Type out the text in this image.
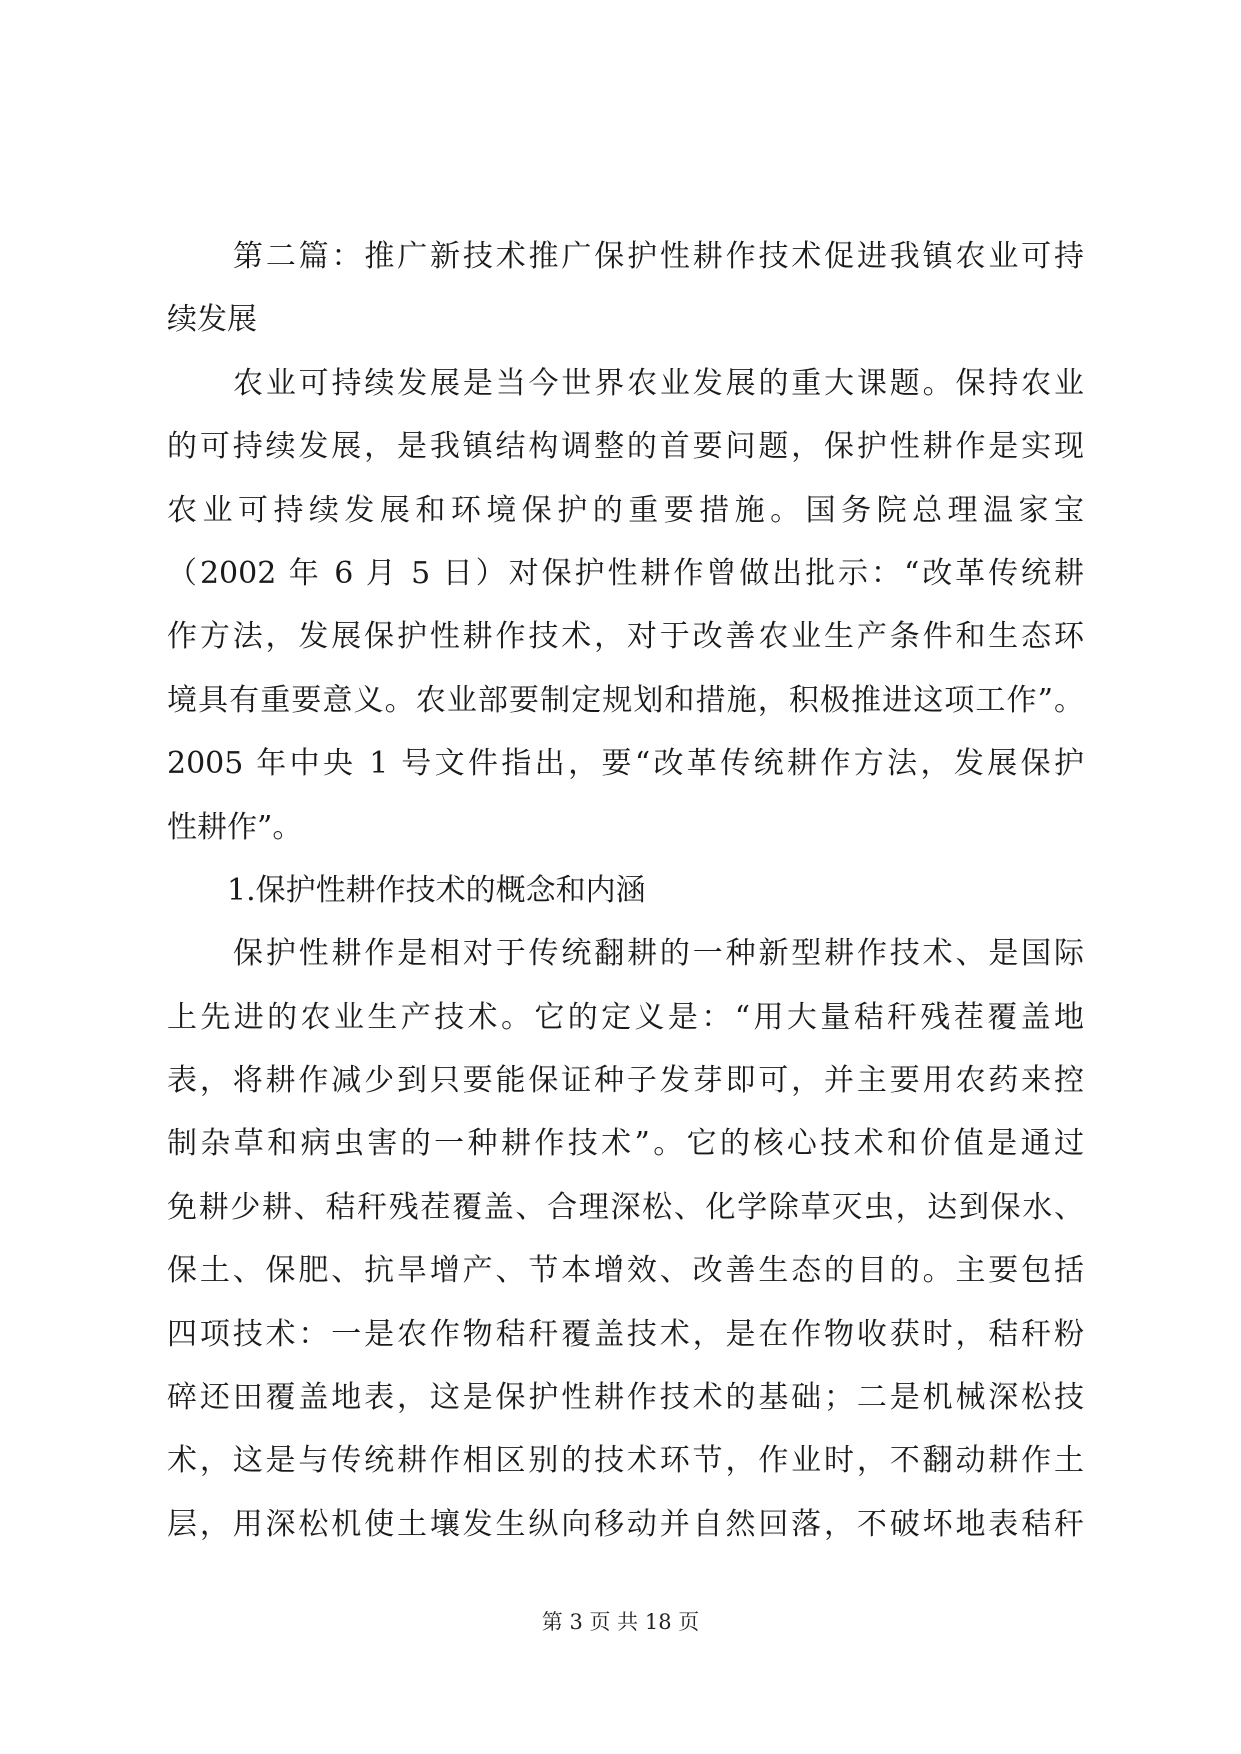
第二篇：推广新技术推广保护性耕作技术促进我镇农业可持
续发展
农业可持续发展是当今世界农业发展的重大课题。保持农业
的可持续发展，是我镇结构调整的首要问题，保护性耕作是实现
农业可持续发展和环境保护的重要措施。国务院总理温家宝
（2002 年 6 月 5 日）对保护性耕作曾做出批示：“改革传统耕
作方法，发展保护性耕作技术，对于改善农业生产条件和生态环
境具有重要意义。农业部要制定规划和措施，积极推进这项工作”。
2005 年中央 1 号文件指出，要“改革传统耕作方法，发展保护
性耕作”。
1.保护性耕作技术的概念和内涵
保护性耕作是相对于传统翻耕的一种新型耕作技术、是国际
上先进的农业生产技术。它的定义是：“用大量秸秆残茬覆盖地
表，将耕作减少到只要能保证种子发芽即可，并主要用农药来控
制杂草和病虫害的一种耕作技术”。它的核心技术和价值是通过
免耕少耕、秸秆残茬覆盖、合理深松、化学除草灭虫，达到保水、
保土、保肥、抗旱增产、节本增效、改善生态的目的。主要包括
四项技术：一是农作物秸秆覆盖技术，是在作物收获时，秸秆粉
碎还田覆盖地表，这是保护性耕作技术的基础；二是机械深松技
术，这是与传统耕作相区别的技术环节，作业时，不翻动耕作土
层，用深松机使土壤发生纵向移动并自然回落，不破坏地表秸秆
第 3 页 共 18 页
